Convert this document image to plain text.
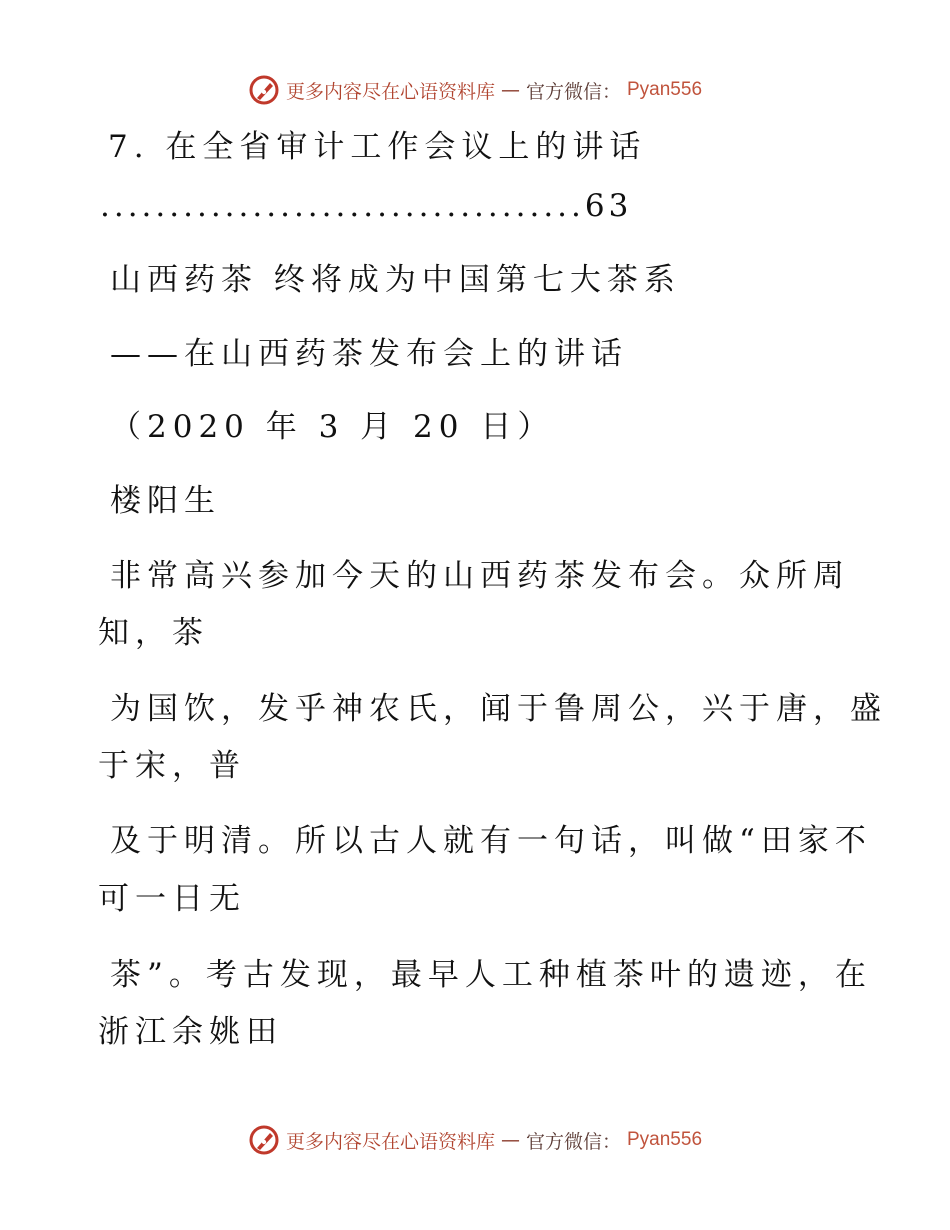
更多内容尽在心语资料库 — 官方微信： Pyan556
7. 在全省审计工作会议上的讲话
...................................63
山西药茶 终将成为中国第七大茶系
——在山西药茶发布会上的讲话
（2020 年 3 月 20 日）
楼阳生
非常高兴参加今天的山西药茶发布会。众所周
知，茶
为国饮，发乎神农氏，闻于鲁周公，兴于唐，盛
于宋，普
及于明清。所以古人就有一句话，叫做“田家不
可一日无
茶”。考古发现，最早人工种植茶叶的遗迹，在
浙江余姚田
更多内容尽在心语资料库 — 官方微信： Pyan556
